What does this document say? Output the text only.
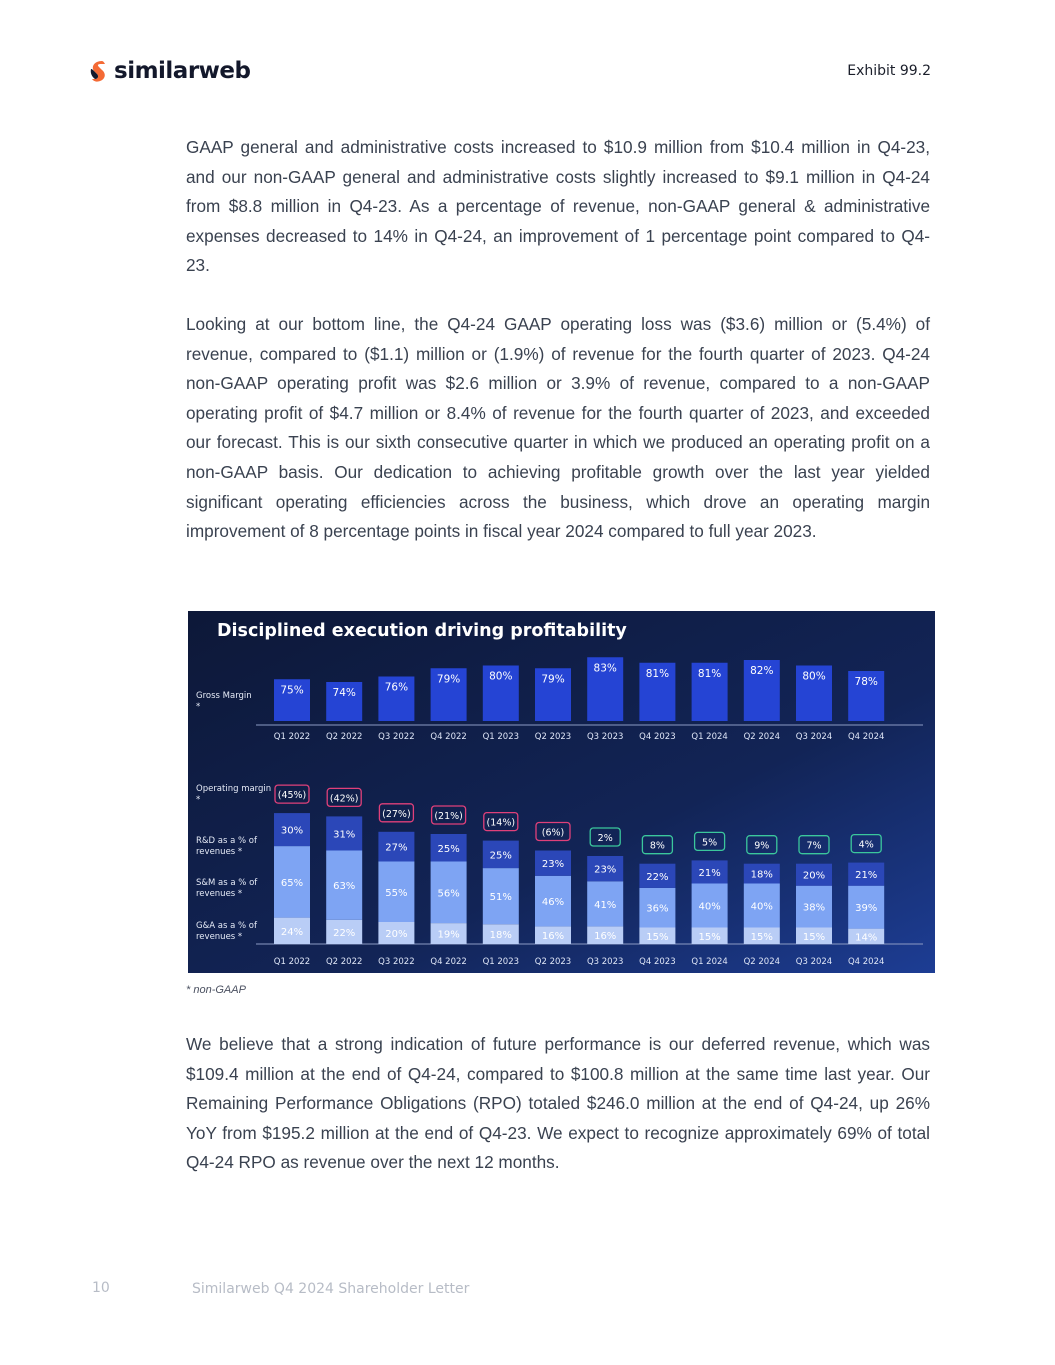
similarweb	Exhibit 99.2

GAAP general and administrative costs increased to $10.9 million from $10.4 million in Q4-23, and our non-GAAP general and administrative costs slightly increased to $9.1 million in Q4-24 from $8.8 million in Q4-23. As a percentage of revenue, non-GAAP general & administrative expenses decreased to 14% in Q4-24, an improvement of 1 percentage point compared to Q4-23.

Looking at our bottom line, the Q4-24 GAAP operating loss was ($3.6) million or (5.4%) of revenue, compared to ($1.1) million or (1.9%) of revenue for the fourth quarter of 2023. Q4-24 non-GAAP operating profit was $2.6 million or 3.9% of revenue, compared to a non-GAAP operating profit of $4.7 million or 8.4% of revenue for the fourth quarter of 2023, and exceeded our forecast. This is our sixth consecutive quarter in which we produced an operating profit on a non-GAAP basis. Our dedication to achieving profitable growth over the last year yielded significant operating efficiencies across the business, which drove an operating margin improvement of 8 percentage points in fiscal year 2024 compared to full year 2023.

Disciplined execution driving profitability
75%
Q1 2022
74%
Q2 2022
76%
Q3 2022
79%
Q4 2022
80%
Q1 2023
79%
Q2 2023
83%
Q3 2023
81%
Q4 2023
81%
Q1 2024
82%
Q2 2024
80%
Q3 2024
78%
Q4 2024
24%
65%
30%
(45%)
Q1 2022
22%
63%
31%
(42%)
Q2 2022
20%
55%
27%
(27%)
Q3 2022
19%
56%
25%
(21%)
Q4 2022
18%
51%
25%
(14%)
Q1 2023
16%
46%
23%
(6%)
Q2 2023
16%
41%
23%
2%
Q3 2023
15%
36%
22%
8%
Q4 2023
15%
40%
21%
5%
Q1 2024
15%
40%
18%
9%
Q2 2024
15%
38%
20%
7%
Q3 2024
14%
39%
21%
4%
Q4 2024
Gross Margin *
Operating margin *
R&D as a % of revenues *
S&M as a % of revenues *
G&A as a % of revenues *
* non-GAAP

We believe that a strong indication of future performance is our deferred revenue, which was $109.4 million at the end of Q4-24, compared to $100.8 million at the same time last year. Our Remaining Performance Obligations (RPO) totaled $246.0 million at the end of Q4-24, up 26% YoY from $195.2 million at the end of Q4-23. We expect to recognize approximately 69% of total Q4-24 RPO as revenue over the next 12 months.

10	Similarweb Q4 2024 Shareholder Letter
